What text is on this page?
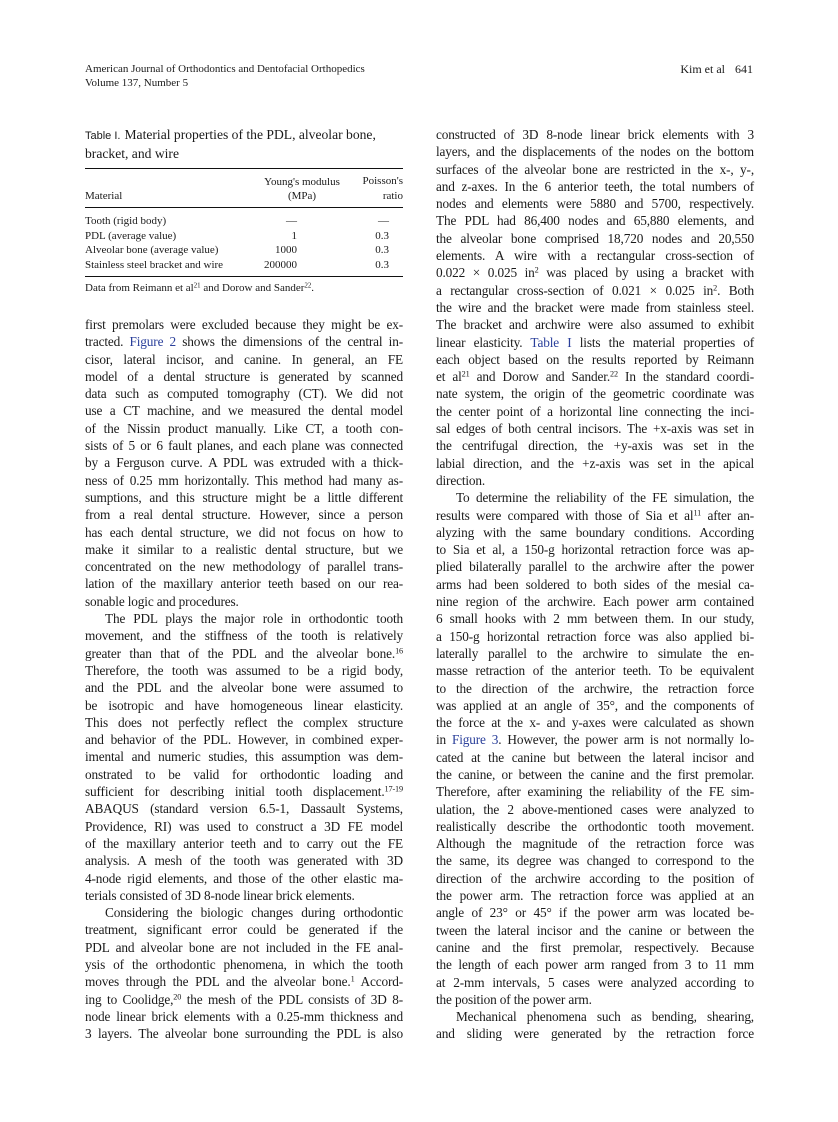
American Journal of Orthodontics and Dentofacial Orthopedics
Volume 137, Number 5
Kim et al 641
Table I. Material properties of the PDL, alveolar bone, bracket, and wire
Material	Young's modulus (MPa)	Poisson's ratio
Tooth (rigid body)	—	—
PDL (average value)	1	0.3
Alveolar bone (average value)	1000	0.3
Stainless steel bracket and wire	200000	0.3
Data from Reimann et $al^{21}$ and Dorow and Sander$^{22}$.
first premolars were excluded because they might be ex-
tracted. Figure 2 shows the dimensions of the central in-
cisor, lateral incisor, and canine. In general, an FE
model of a dental structure is generated by scanned
data such as computed tomography (CT). We did not
use a CT machine, and we measured the dental model
of the Nissin product manually. Like CT, a tooth con-
sists of 5 or 6 fault planes, and each plane was connected
by a Ferguson curve. A PDL was extruded with a thick-
ness of 0.25 mm horizontally. This method had many as-
sumptions, and this structure might be a little different
from a real dental structure. However, since a person
has each dental structure, we did not focus on how to
make it similar to a realistic dental structure, but we
concentrated on the new methodology of parallel trans-
lation of the maxillary anterior teeth based on our rea-
sonable logic and procedures.
The PDL plays the major role in orthodontic tooth
movement, and the stiffness of the tooth is relatively
greater than that of the PDL and the alveolar bone.$^{16}$
Therefore, the tooth was assumed to be a rigid body,
and the PDL and the alveolar bone were assumed to
be isotropic and have homogeneous linear elasticity.
This does not perfectly reflect the complex structure
and behavior of the PDL. However, in combined exper-
imental and numeric studies, this assumption was dem-
onstrated to be valid for orthodontic loading and
sufficient for describing initial tooth displacement.$^{17-19}$
ABAQUS (standard version 6.5-1, Dassault Systems,
Providence, RI) was used to construct a 3D FE model
of the maxillary anterior teeth and to carry out the FE
analysis. A mesh of the tooth was generated with 3D
4-node rigid elements, and those of the other elastic ma-
terials consisted of 3D 8-node linear brick elements.
Considering the biologic changes during orthodontic
treatment, significant error could be generated if the
PDL and alveolar bone are not included in the FE anal-
ysis of the orthodontic phenomena, in which the tooth
moves through the PDL and the alveolar bone.$^1$ Accord-
ing to Coolidge,$^{20}$ the mesh of the PDL consists of 3D 8-
node linear brick elements with a 0.25-mm thickness and
3 layers. The alveolar bone surrounding the PDL is also
constructed of 3D 8-node linear brick elements with 3
layers, and the displacements of the nodes on the bottom
surfaces of the alveolar bone are restricted in the x-, y-,
and z-axes. In the 6 anterior teeth, the total numbers of
nodes and elements were 5880 and 5700, respectively.
The PDL had 86,400 nodes and 65,880 elements, and
the alveolar bone comprised 18,720 nodes and 20,550
elements. A wire with a rectangular cross-section of
0.022 × 0.025 $in^2$ was placed by using a bracket with
a rectangular cross-section of 0.021 × 0.025 $in^2$. Both
the wire and the bracket were made from stainless steel.
The bracket and archwire were also assumed to exhibit
linear elasticity. Table I lists the material properties of
each object based on the results reported by Reimann
et $al^{21}$ and Dorow and Sander.$^{22}$ In the standard coordi-
nate system, the origin of the geometric coordinate was
the center point of a horizontal line connecting the inci-
sal edges of both central incisors. The +x-axis was set in
the centrifugal direction, the +y-axis was set in the
labial direction, and the +z-axis was set in the apical
direction.
To determine the reliability of the FE simulation, the
results were compared with those of Sia et $al^{11}$ after an-
alyzing with the same boundary conditions. According
to Sia et al, a 150-g horizontal retraction force was ap-
plied bilaterally parallel to the archwire after the power
arms had been soldered to both sides of the mesial ca-
nine region of the archwire. Each power arm contained
6 small hooks with 2 mm between them. In our study,
a 150-g horizontal retraction force was also applied bi-
laterally parallel to the archwire to simulate the en-
masse retraction of the anterior teeth. To be equivalent
to the direction of the archwire, the retraction force
was applied at an angle of 35°, and the components of
the force at the x- and y-axes were calculated as shown
in Figure 3. However, the power arm is not normally lo-
cated at the canine but between the lateral incisor and
the canine, or between the canine and the first premolar.
Therefore, after examining the reliability of the FE sim-
ulation, the 2 above-mentioned cases were analyzed to
realistically describe the orthodontic tooth movement.
Although the magnitude of the retraction force was
the same, its degree was changed to correspond to the
direction of the archwire according to the position of
the power arm. The retraction force was applied at an
angle of 23° or 45° if the power arm was located be-
tween the lateral incisor and the canine or between the
canine and the first premolar, respectively. Because
the length of each power arm ranged from 3 to 11 mm
at 2-mm intervals, 5 cases were analyzed according to
the position of the power arm.
Mechanical phenomena such as bending, shearing,
and sliding were generated by the retraction force
